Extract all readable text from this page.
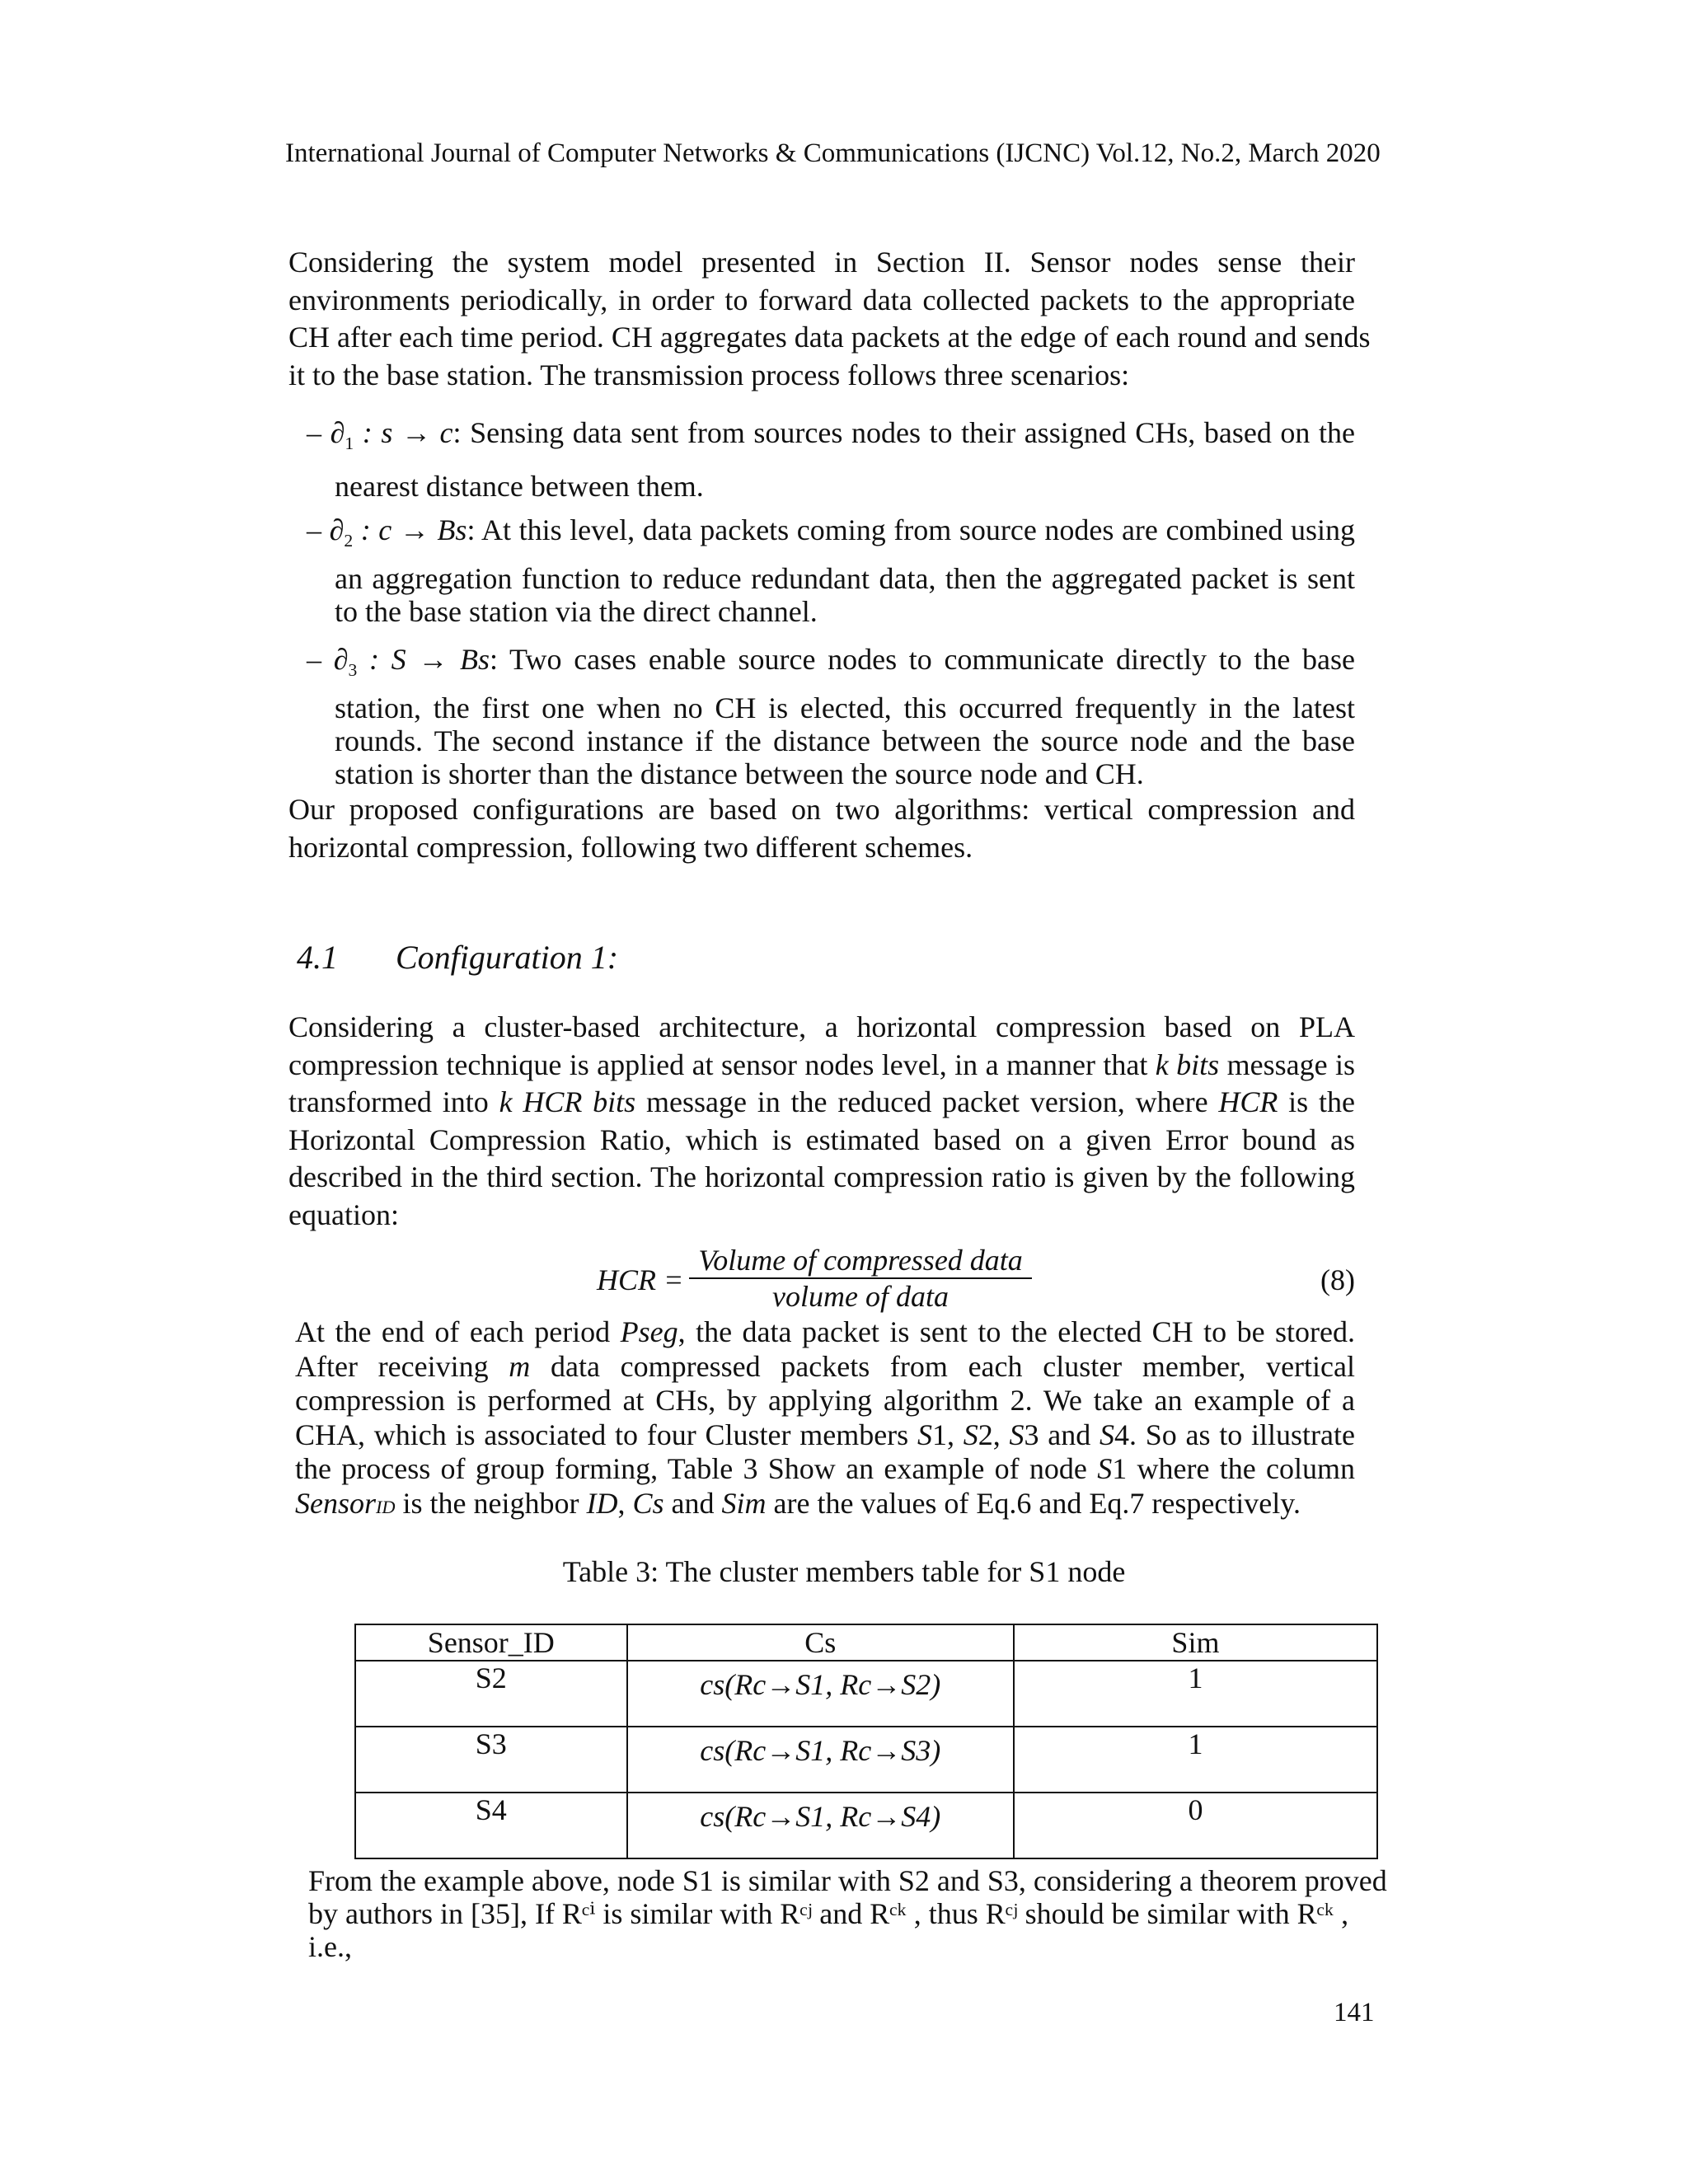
International Journal of Computer Networks & Communications (IJCNC) Vol.12, No.2, March 2020
Considering the system model presented in Section II. Sensor nodes sense their
environments periodically, in order to forward data collected packets to the appropriate
CH after each time period. CH aggregates data packets at the edge of each round and sends
it to the base station. The transmission process follows three scenarios:
– $\partial_1$ : s → c: Sensing data sent from sources nodes to their assigned CHs, based on the
nearest distance between them.
– $\partial_2$ : c → Bs: At this level, data packets coming from source nodes are combined using
an aggregation function to reduce redundant data, then the aggregated packet is sent
to the base station via the direct channel.
– $\partial_3$ : S → Bs: Two cases enable source nodes to communicate directly to the base
station, the first one when no CH is elected, this occurred frequently in the latest
rounds. The second instance if the distance between the source node and the base
station is shorter than the distance between the source node and CH.
Our proposed configurations are based on two algorithms: vertical compression and
horizontal compression, following two different schemes.
4.1 Configuration 1:
Considering a cluster-based architecture, a horizontal compression based on PLA
compression technique is applied at sensor nodes level, in a manner that k bits message is
transformed into k HCR bits message in the reduced packet version, where HCR is the
Horizontal Compression Ratio, which is estimated based on a given Error bound as
described in the third section. The horizontal compression ratio is given by the following
equation:
HCR =
Volume of compressed data
volume of data	(8)
At the end of each period Pseg, the data packet is sent to the elected CH to be stored.
After receiving m data compressed packets from each cluster member, vertical
compression is performed at CHs, by applying algorithm 2. We take an example of a
CHA, which is associated to four Cluster members S1, S2, S3 and S4. So as to illustrate
the process of group forming, Table 3 Show an example of node S1 where the column
SensorID is the neighbor ID, Cs and Sim are the values of Eq.6 and Eq.7 respectively.
Table 3: The cluster members table for S1 node
Sensor_ID	Cs	Sim
S2	cs(Rc→S1, Rc→S2)	1
S3	cs(Rc→S1, Rc→S3)	1
S4	cs(Rc→S1, Rc→S4)	0
From the example above, node S1 is similar with S2 and S3, considering a theorem proved
by authors in [35], If Rᶜⁱ is similar with Rᶜʲ and Rᶜᵏ , thus Rᶜʲ should be similar with Rᶜᵏ ,
i.e.,
141
